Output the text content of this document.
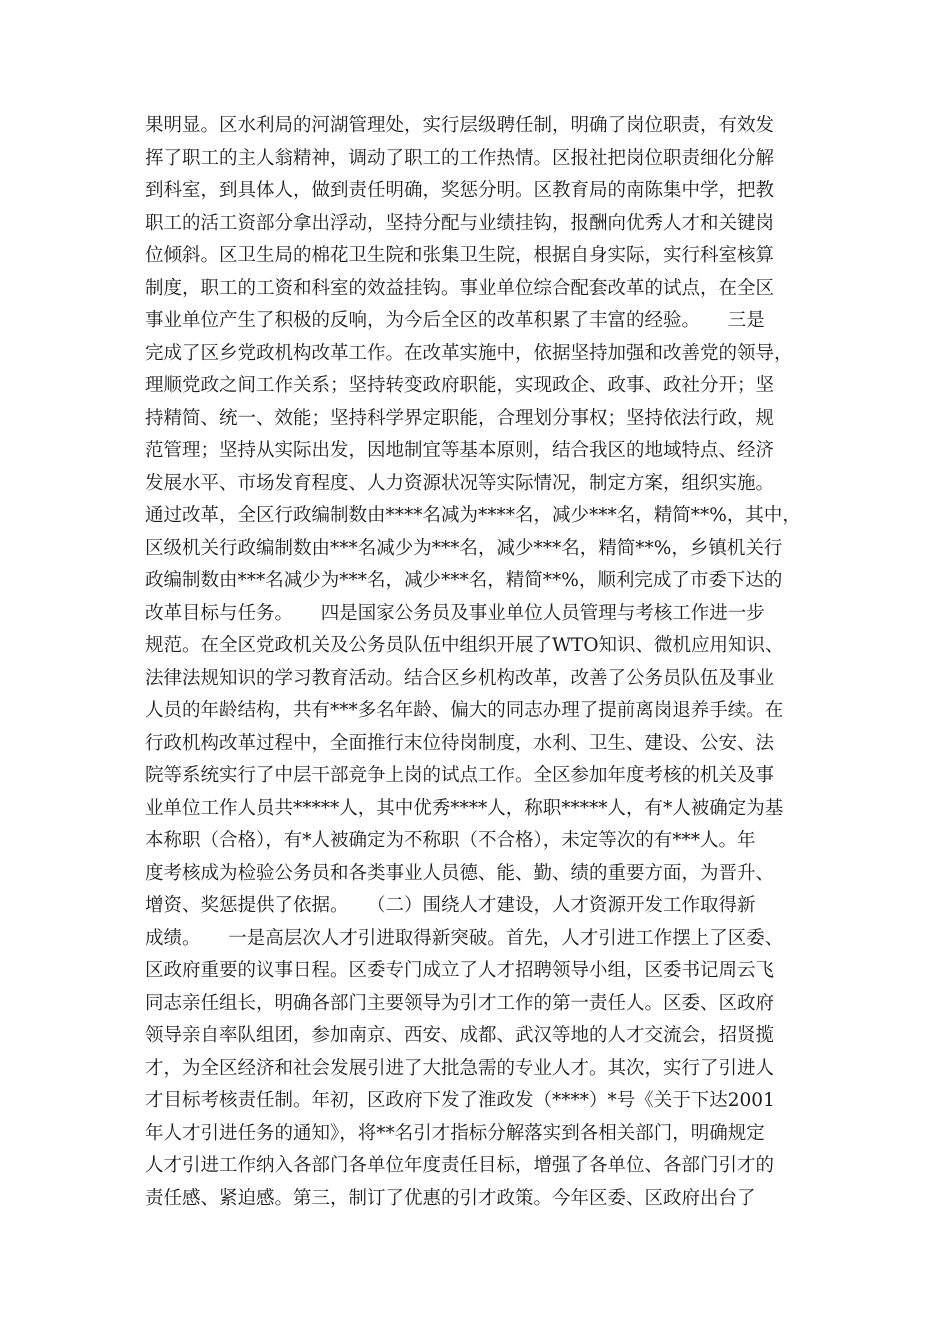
果明显。区水利局的河湖管理处，实行层级聘任制，明确了岗位职责，有效发
挥了职工的主人翁精神，调动了职工的工作热情。区报社把岗位职责细化分解
到科室，到具体人，做到责任明确，奖惩分明。区教育局的南陈集中学，把教
职工的活工资部分拿出浮动，坚持分配与业绩挂钩，报酬向优秀人才和关键岗
位倾斜。区卫生局的棉花卫生院和张集卫生院，根据自身实际，实行科室核算
制度，职工的工资和科室的效益挂钩。事业单位综合配套改革的试点，在全区
事业单位产生了积极的反响，为今后全区的改革积累了丰富的经验。　　三是
完成了区乡党政机构改革工作。在改革实施中，依据坚持加强和改善党的领导，
理顺党政之间工作关系；坚持转变政府职能，实现政企、政事、政社分开；坚
持精简、统一、效能；坚持科学界定职能，合理划分事权；坚持依法行政，规
范管理；坚持从实际出发，因地制宜等基本原则，结合我区的地域特点、经济
发展水平、市场发育程度、人力资源状况等实际情况，制定方案，组织实施。
通过改革，全区行政编制数由****名减为****名，减少***名，精简**%，其中，
区级机关行政编制数由***名减少为***名，减少***名，精简**%，乡镇机关行
政编制数由***名减少为***名，减少***名，精简**%，顺利完成了市委下达的
改革目标与任务。　　四是国家公务员及事业单位人员管理与考核工作进一步
规范。在全区党政机关及公务员队伍中组织开展了WTO知识、微机应用知识、
法律法规知识的学习教育活动。结合区乡机构改革，改善了公务员队伍及事业
人员的年龄结构，共有***多名年龄、偏大的同志办理了提前离岗退养手续。在
行政机构改革过程中，全面推行末位待岗制度，水利、卫生、建设、公安、法
院等系统实行了中层干部竞争上岗的试点工作。全区参加年度考核的机关及事
业单位工作人员共*****人，其中优秀****人，称职*****人，有*人被确定为基
本称职（合格），有*人被确定为不称职（不合格），未定等次的有***人。年
度考核成为检验公务员和各类事业人员德、能、勤、绩的重要方面，为晋升、
增资、奖惩提供了依据。　　（二）围绕人才建设，人才资源开发工作取得新
成绩。　　一是高层次人才引进取得新突破。首先，人才引进工作摆上了区委、
区政府重要的议事日程。区委专门成立了人才招聘领导小组，区委书记周云飞
同志亲任组长，明确各部门主要领导为引才工作的第一责任人。区委、区政府
领导亲自率队组团，参加南京、西安、成都、武汉等地的人才交流会，招贤揽
才，为全区经济和社会发展引进了大批急需的专业人才。其次，实行了引进人
才目标考核责任制。年初，区政府下发了淮政发（****）*号《关于下达2001
年人才引进任务的通知》，将**名引才指标分解落实到各相关部门，明确规定
人才引进工作纳入各部门各单位年度责任目标，增强了各单位、各部门引才的
责任感、紧迫感。第三，制订了优惠的引才政策。今年区委、区政府出台了
